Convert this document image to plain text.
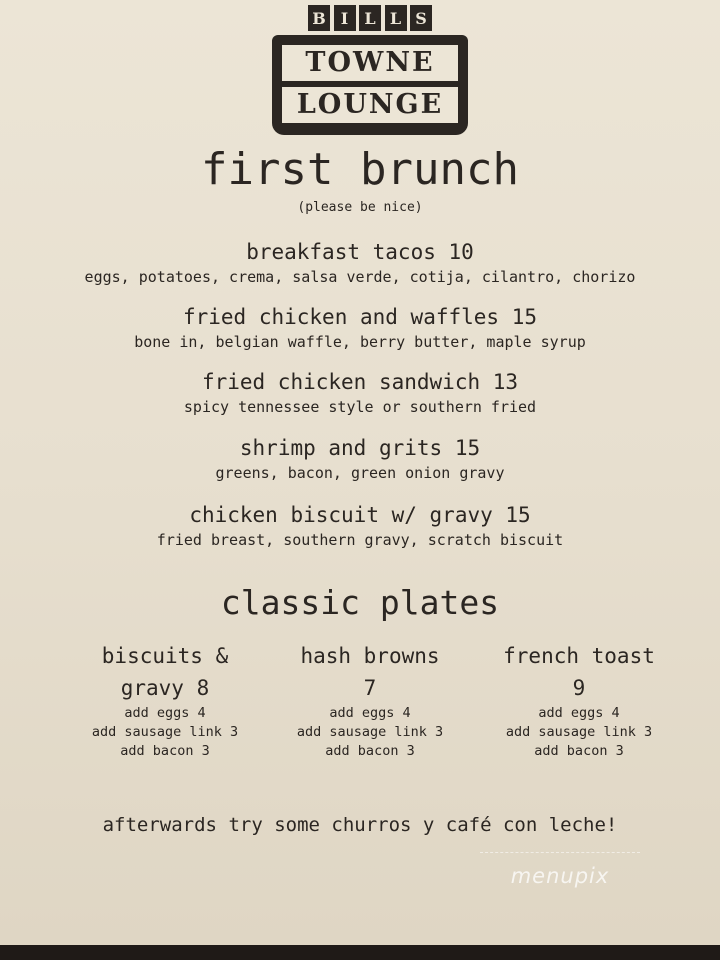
B I	L L S
TOWNE
LOUNGE
first brunch
(please be nice)
breakfast tacos 10
eggs, potatoes, crema, salsa verde, cotija, cilantro, chorizo
fried chicken and waffles 15
bone in, belgian waffle, berry butter, maple syrup
fried chicken sandwich 13
spicy tennessee style or southern fried
shrimp and grits 15
greens, bacon, green onion gravy
chicken biscuit w/ gravy 15
fried breast, southern gravy, scratch biscuit
classic plates
biscuits &
gravy 8
add eggs 4
add sausage link 3
add bacon 3
hash browns
7
add eggs 4
add sausage link 3
add bacon 3
french toast
9
add eggs 4
add sausage link 3
add bacon 3
afterwards try some churros y café con leche!
menupix
